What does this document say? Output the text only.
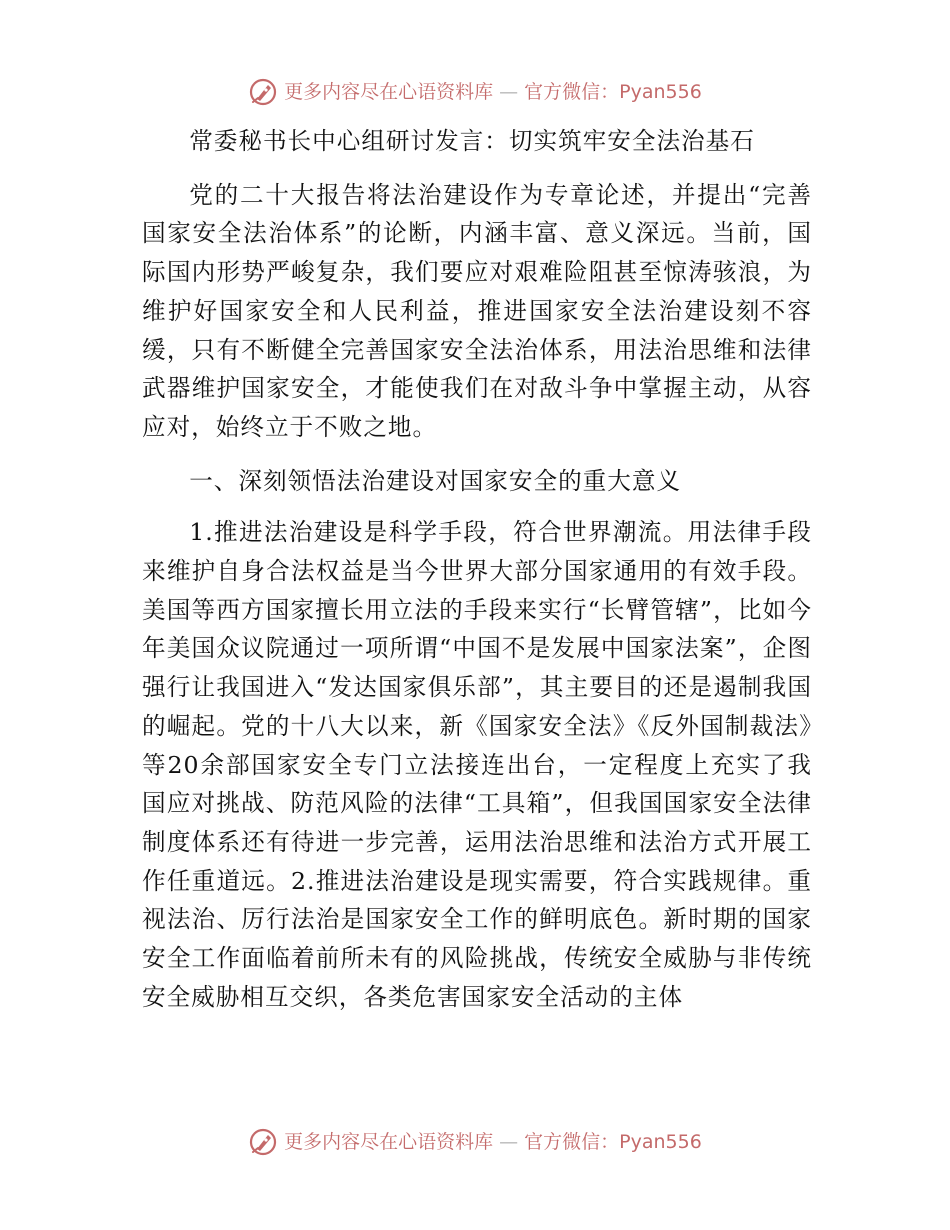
更多内容尽在心语资料库 — 官方微信：Pyan556

常委秘书长中心组研讨发言：切实筑牢安全法治基石

党的二十大报告将法治建设作为专章论述，并提出“完善国家安全法治体系”的论断，内涵丰富、意义深远。当前，国际国内形势严峻复杂，我们要应对艰难险阻甚至惊涛骇浪，为维护好国家安全和人民利益，推进国家安全法治建设刻不容缓，只有不断健全完善国家安全法治体系，用法治思维和法律武器维护国家安全，才能使我们在对敌斗争中掌握主动，从容应对，始终立于不败之地。

一、深刻领悟法治建设对国家安全的重大意义

1.推进法治建设是科学手段，符合世界潮流。用法律手段来维护自身合法权益是当今世界大部分国家通用的有效手段。美国等西方国家擅长用立法的手段来实行“长臂管辖”，比如今年美国众议院通过一项所谓“中国不是发展中国家法案”，企图强行让我国进入“发达国家俱乐部”，其主要目的还是遏制我国的崛起。党的十八大以来，新《国家安全法》《反外国制裁法》等20余部国家安全专门立法接连出台，一定程度上充实了我国应对挑战、防范风险的法律“工具箱”，但我国国家安全法律制度体系还有待进一步完善，运用法治思维和法治方式开展工作任重道远。2.推进法治建设是现实需要，符合实践规律。重视法治、厉行法治是国家安全工作的鲜明底色。新时期的国家安全工作面临着前所未有的风险挑战，传统安全威胁与非传统安全威胁相互交织，各类危害国家安全活动的主体

更多内容尽在心语资料库 — 官方微信：Pyan556
